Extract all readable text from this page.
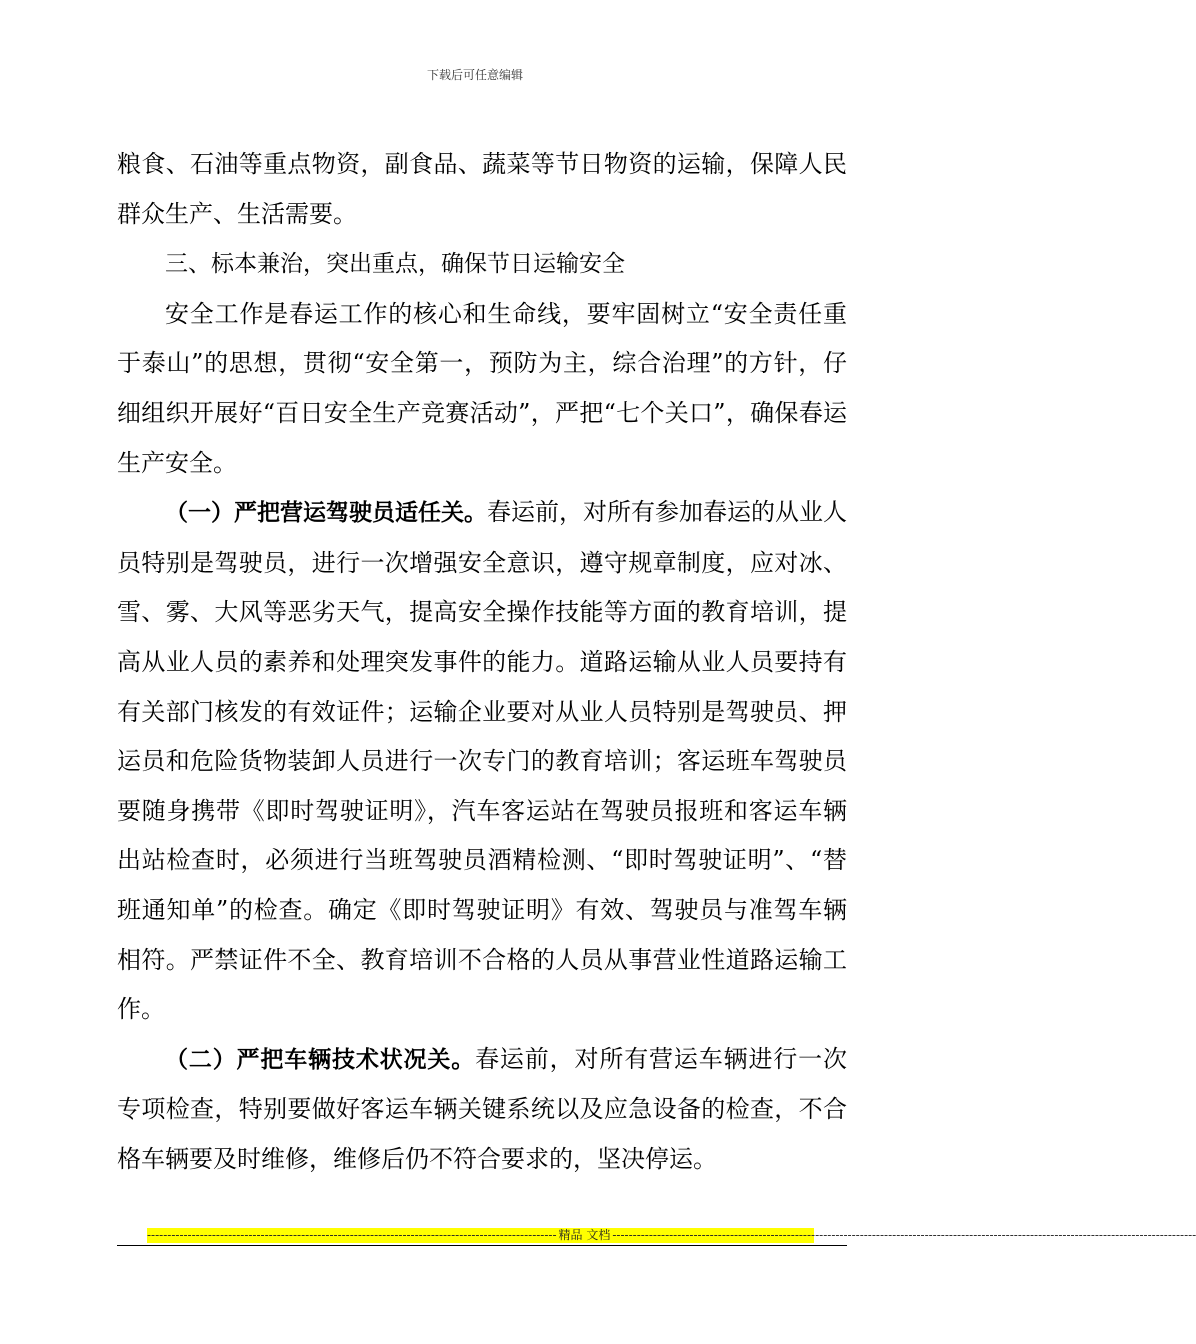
下载后可任意编辑

粮食、石油等重点物资，副食品、蔬菜等节日物资的运输，保障人民群众生产、生活需要。

三、标本兼治，突出重点，确保节日运输安全

安全工作是春运工作的核心和生命线，要牢固树立“安全责任重于泰山”的思想，贯彻“安全第一，预防为主，综合治理”的方针，仔细组织开展好“百日安全生产竞赛活动”，严把“七个关口”，确保春运生产安全。

（一）严把营运驾驶员适任关。春运前，对所有参加春运的从业人员特别是驾驶员，进行一次增强安全意识，遵守规章制度，应对冰、雪、雾、大风等恶劣天气，提高安全操作技能等方面的教育培训，提高从业人员的素养和处理突发事件的能力。道路运输从业人员要持有有关部门核发的有效证件；运输企业要对从业人员特别是驾驶员、押运员和危险货物装卸人员进行一次专门的教育培训；客运班车驾驶员要随身携带《即时驾驶证明》，汽车客运站在驾驶员报班和客运车辆出站检查时，必须进行当班驾驶员酒精检测、“即时驾驶证明”、“替班通知单”的检查。确定《即时驾驶证明》有效、驾驶员与准驾车辆相符。严禁证件不全、教育培训不合格的人员从事营业性道路运输工作。

（二）严把车辆技术状况关。春运前，对所有营运车辆进行一次专项检查，特别要做好客运车辆关键系统以及应急设备的检查，不合格车辆要及时维修，维修后仍不符合要求的，坚决停运。

----------------------------------------------------------------------------------------------------- 精品 文档 ------------------------------------------------------------------------------------------------------------------------------------------------
